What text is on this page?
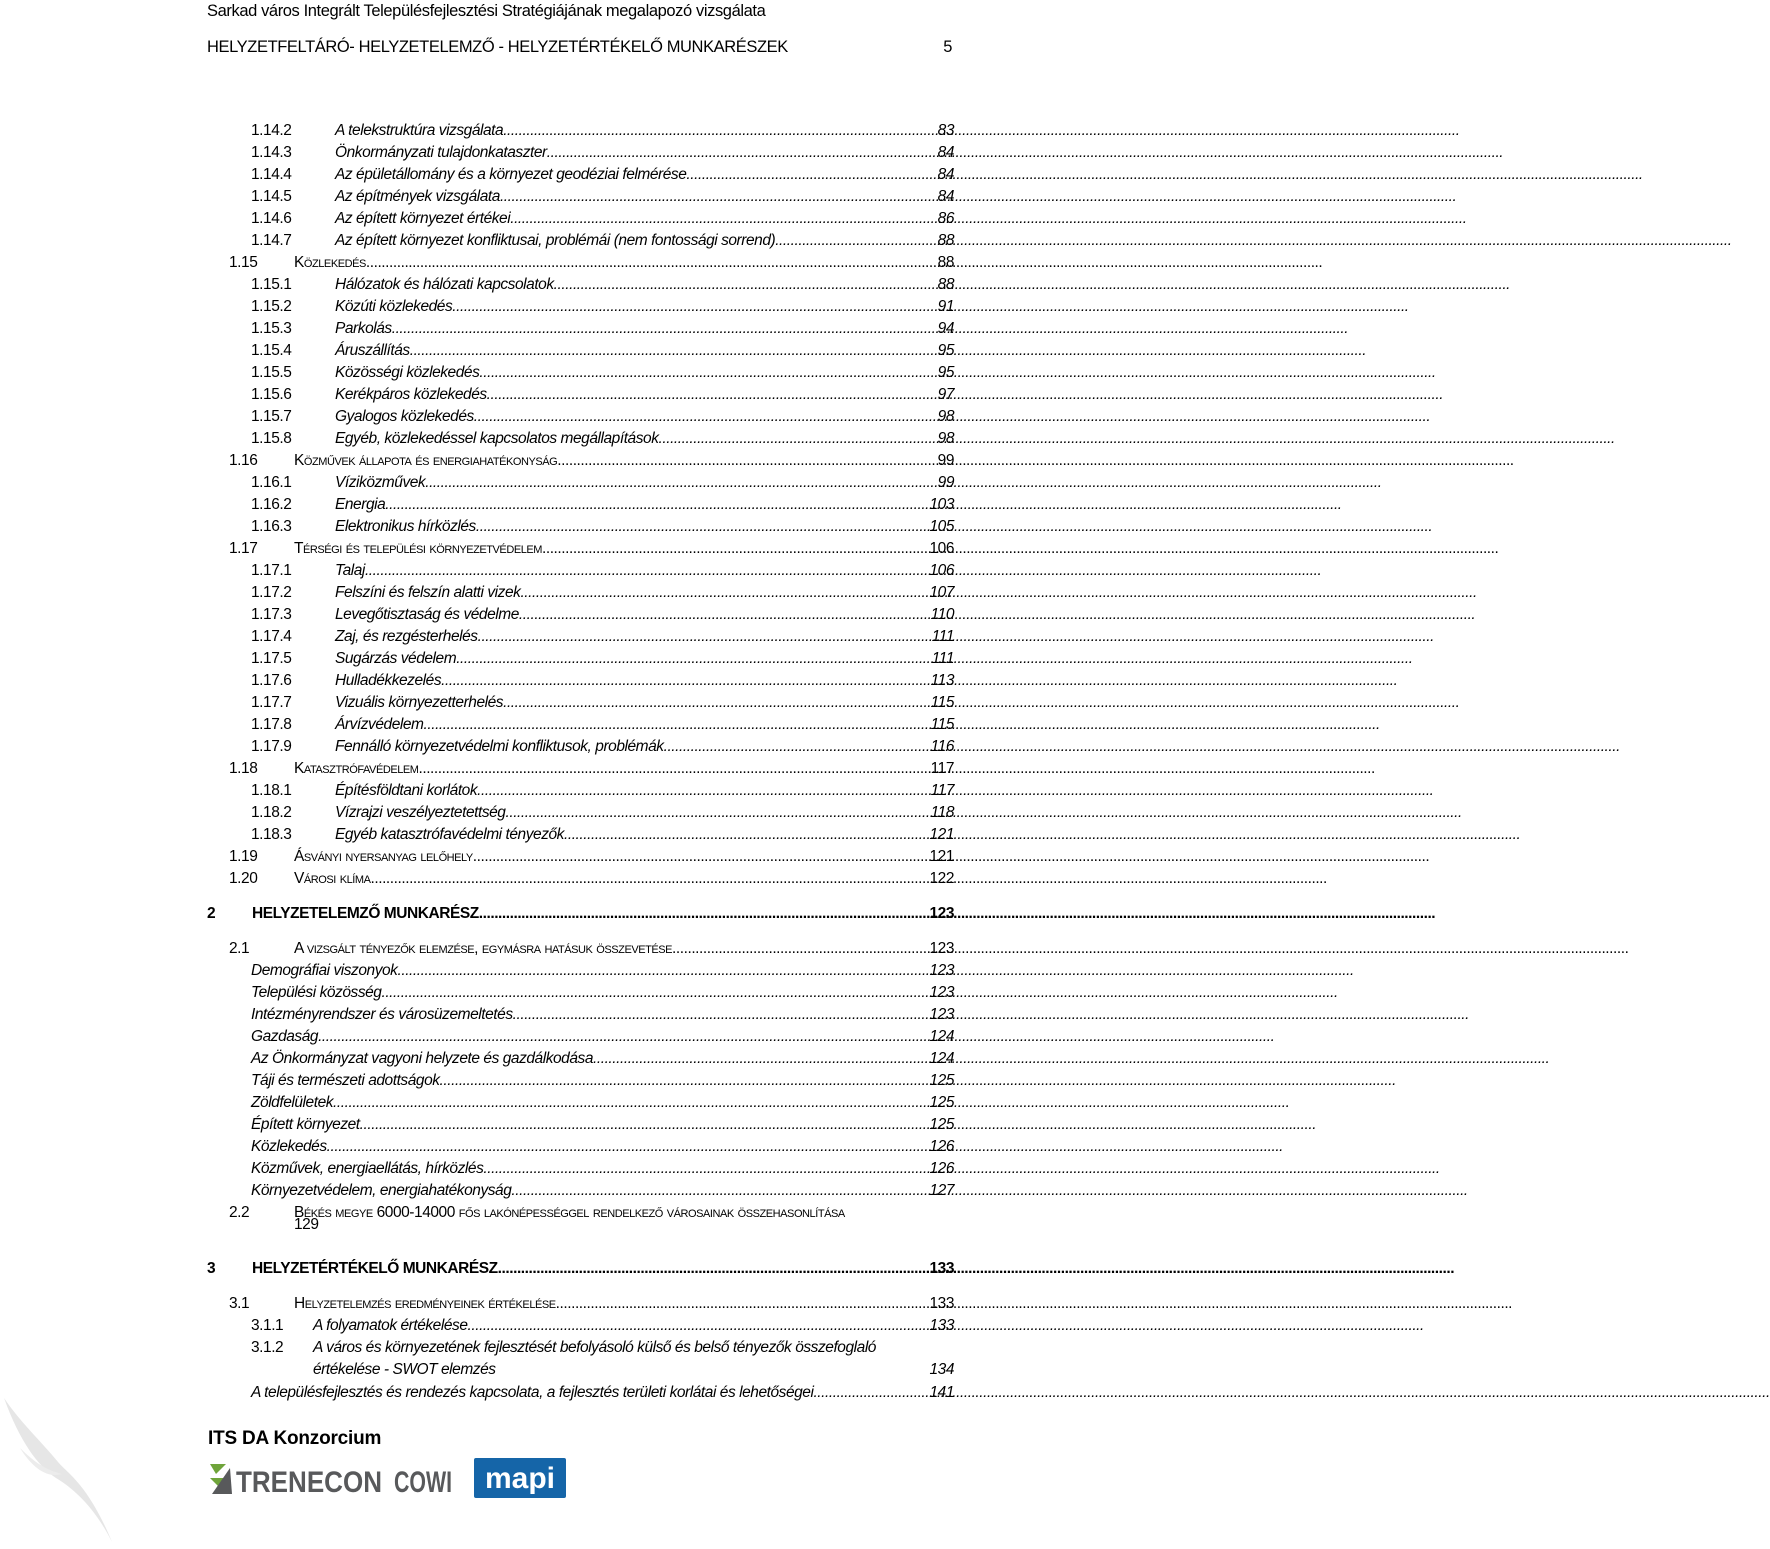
Sarkad város Integrált Településfejlesztési Stratégiájának megalapozó vizsgálata
HELYZETFELTÁRÓ- HELYZETELEMZŐ - HELYZETÉRTÉKELŐ MUNKARÉSZEK	5
1.14.2	A telekstruktúra vizsgálata .....	83
1.14.3	Önkormányzati tulajdonkataszter .....	84
1.14.4	Az épületállomány és a környezet geodéziai felmérése .....	84
1.14.5	Az építmények vizsgálata .....	84
1.14.6	Az épített környezet értékei .....	86
1.14.7	Az épített környezet konfliktusai, problémái (nem fontossági sorrend) .....	88
1.15 Közlekedés .....	88
1.15.1	Hálózatok és hálózati kapcsolatok .....	88
1.15.2	Közúti közlekedés .....	91
1.15.3	Parkolás .....	94
1.15.4	Áruszállítás .....	95
1.15.5	Közösségi közlekedés .....	95
1.15.6	Kerékpáros közlekedés .....	97
1.15.7	Gyalogos közlekedés .....	98
1.15.8	Egyéb, közlekedéssel kapcsolatos megállapítások .....	98
1.16 Közművek állapota és energiahatékonyság .....	99
1.16.1	Víziközművek .....	99
1.16.2	Energia .....	103
1.16.3	Elektronikus hírközlés .....	105
1.17 Térségi és települési környezetvédelem .....	106
1.17.1	Talaj .....	106
1.17.2	Felszíni és felszín alatti vizek .....	107
1.17.3	Levegőtisztaság és védelme .....	110
1.17.4	Zaj, és rezgésterhelés .....	111
1.17.5	Sugárzás védelem .....	111
1.17.6	Hulladékkezelés .....	113
1.17.7	Vizuális környezetterhelés .....	115
1.17.8	Árvízvédelem .....	115
1.17.9	Fennálló környezetvédelmi konfliktusok, problémák .....	116
1.18 Katasztrófavédelem .....	117
1.18.1	Építésföldtani korlátok .....	117
1.18.2	Vízrajzi veszélyeztetettség .....	118
1.18.3	Egyéb katasztrófavédelmi tényezők .....	121
1.19 Ásványi nyersanyag lelőhely .....	121
1.20 Városi klíma .....	122
2 HELYZETELEMZŐ MUNKARÉSZ .....	123
2.1	A vizsgált tényezők elemzése, egymásra hatásuk összevetése .....	123
Demográfiai viszonyok .....	123
Települési közösség .....	123
Intézményrendszer és városüzemeltetés .....	123
Gazdaság .....	124
Az Önkormányzat vagyoni helyzete és gazdálkodása .....	124
Táji és természeti adottságok .....	125
Zöldfelületek .....	125
Épített környezet .....	125
Közlekedés .....	126
Közművek, energiaellátás, hírközlés .....	126
Környezetvédelem, energiahatékonyság .....	127
2.2	Békés megye 6000-14000 fős lakónépességgel rendelkező városainak összehasonlítása
129
3 HELYZETÉRTÉKELŐ MUNKARÉSZ .....	133
3.1	Helyzetelemzés eredményeinek értékelése .....	133
3.1.1 A folyamatok értékelése .....	133
3.1.2 A város és környezetének fejlesztését befolyásoló külső és belső tényezők összefoglaló értékelése - SWOT elemzés	134
A településfejlesztés és rendezés kapcsolata, a fejlesztés területi korlátai és lehetőségei .....	141
ITS DA Konzorcium
TRENECON COWI mapi
